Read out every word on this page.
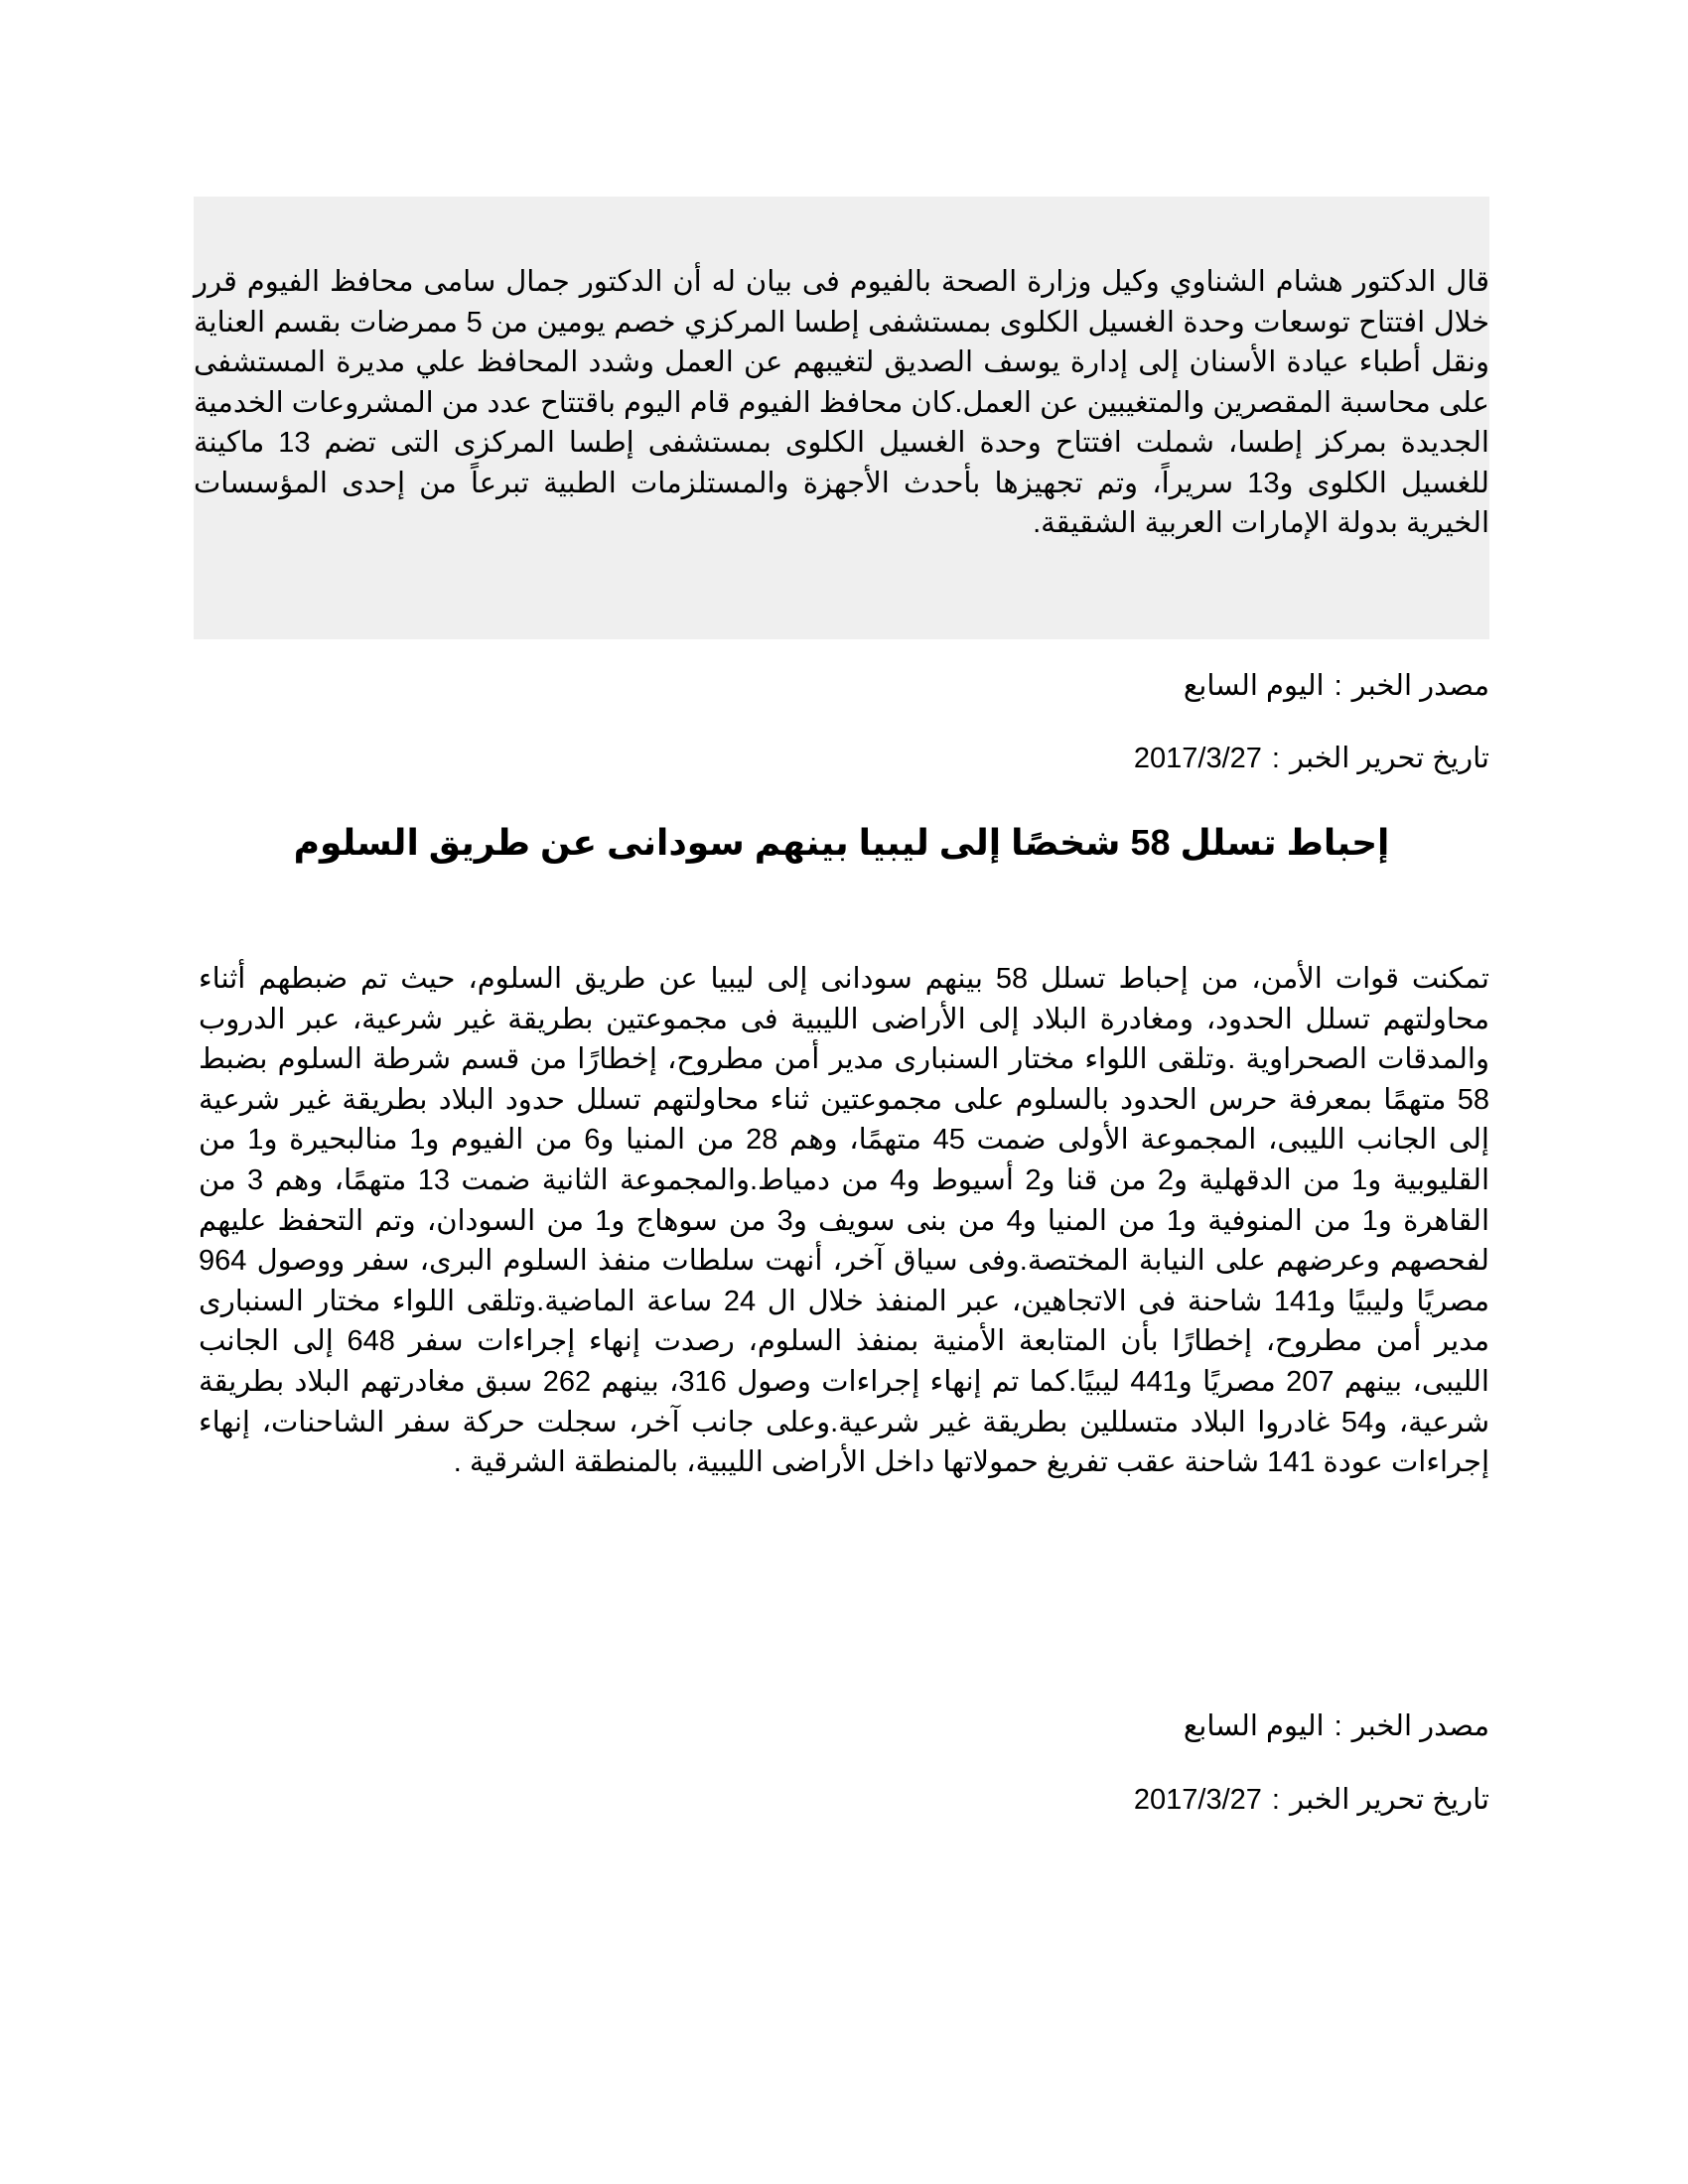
قال الدكتور هشام الشناوي وكيل وزارة الصحة بالفيوم فى بيان له أن الدكتور جمال سامى محافظ الفيوم قرر خلال افتتاح توسعات وحدة الغسيل الكلوى بمستشفى إطسا المركزي خصم يومين من 5 ممرضات بقسم العناية ونقل أطباء عيادة الأسنان إلى إدارة يوسف الصديق لتغيبهم عن العمل وشدد المحافظ علي مديرة المستشفى على محاسبة المقصرين والمتغيبين عن العمل.كان محافظ الفيوم قام اليوم باقتتاح عدد من المشروعات الخدمية الجديدة بمركز إطسا، شملت افتتاح وحدة الغسيل الكلوى بمستشفى إطسا المركزى التى تضم 13 ماكينة للغسيل الكلوى و13 سريراً، وتم تجهيزها بأحدث الأجهزة والمستلزمات الطبية تبرعاً من إحدى المؤسسات الخيرية بدولة الإمارات العربية الشقيقة.

مصدر الخبر:اليوم السابع
تاريخ تحرير الخبر:2017/3/27
إحباط تسلل 58 شخصًا إلى ليبيا بينهم سودانى عن طريق السلوم

تمكنت قوات الأمن، من إحباط تسلل 58 بينهم سودانى إلى ليبيا عن طريق السلوم، حيث تم ضبطهم أثناء محاولتهم تسلل الحدود، ومغادرة البلاد إلى الأراضى الليبية فى مجموعتين بطريقة غير شرعية، عبر الدروب والمدقات الصحراوية .وتلقى اللواء مختار السنبارى مدير أمن مطروح، إخطارًا من قسم شرطة السلوم بضبط 58 متهمًا بمعرفة حرس الحدود بالسلوم على مجموعتين ثناء محاولتهم تسلل حدود البلاد بطريقة غير شرعية إلى الجانب الليبى، المجموعة الأولى ضمت 45 متهمًا، وهم 28 من المنيا و6 من الفيوم و1 منالبحيرة و1 من القليوبية و1 من الدقهلية و2 من قنا و2 أسيوط و4 من دمياط.والمجموعة الثانية ضمت 13 متهمًا، وهم 3 من القاهرة و1 من المنوفية و1 من المنيا و4 من بنى سويف و3 من سوهاج و1 من السودان، وتم التحفظ عليهم لفحصهم وعرضهم على النيابة المختصة.وفى سياق آخر، أنهت سلطات منفذ السلوم البرى، سفر ووصول 964 مصريًا وليبيًا و141 شاحنة فى الاتجاهين، عبر المنفذ خلال ال 24 ساعة الماضية.وتلقى اللواء مختار السنبارى مدير أمن مطروح، إخطارًا بأن المتابعة الأمنية بمنفذ السلوم، رصدت إنهاء إجراءات سفر 648 إلى الجانب الليبى، بينهم 207 مصريًا و441 ليبيًا.كما تم إنهاء إجراءات وصول 316، بينهم 262 سبق مغادرتهم البلاد بطريقة شرعية، و54 غادروا البلاد متسللين بطريقة غير شرعية.وعلى جانب آخر، سجلت حركة سفر الشاحنات، إنهاء إجراءات عودة 141 شاحنة عقب تفريغ حمولاتها داخل الأراضى الليبية، بالمنطقة الشرقية .

مصدر الخبر:اليوم السابع
تاريخ تحرير الخبر:2017/3/27
